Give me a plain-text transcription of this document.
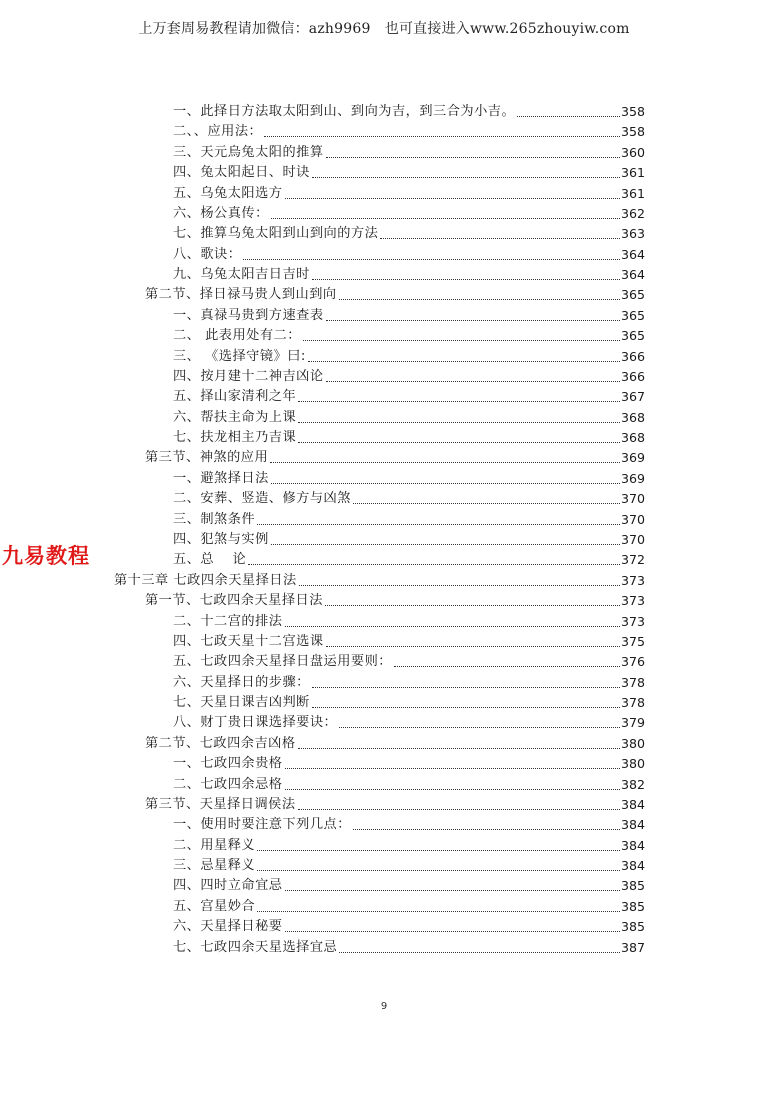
上万套周易教程请加微信：azh9969　也可直接进入www.265zhouyiw.com
九易教程
一、此择日方法取太阳到山、到向为吉，到三合为小吉。	358
二、、应用法：	358
三、天元烏兔太阳的推算	360
四、兔太阳起日、时诀	361
五、乌兔太阳选方	361
六、杨公真传：	362
七、推算乌兔太阳到山到向的方法	363
八、歌诀：	364
九、乌兔太阳吉日吉时	364
第二节、择日禄马贵人到山到向	365
一、真禄马贵到方速查表	365
二、 此表用处有二：	365
三、 《选择守镜》曰:	366
四、按月建十二神吉凶论	366
五、择山家清利之年	367
六、帮扶主命为上课	368
七、扶龙相主乃吉课	368
第三节、神煞的应用	369
一、避煞择日法	369
二、安葬、竖造、修方与凶煞	370
三、制煞条件	370
四、犯煞与实例	370
五、总　 论	372
第十三章 七政四余天星择日法	373
第一节、七政四余天星择日法	373
二、十二宫的排法	373
四、七政天星十二宫选课	375
五、七政四余天星择日盘运用要则：	376
六、天星择日的步骤：	378
七、天星日课吉凶判断	378
八、财丁贵日课选择要诀：	379
第二节、七政四余吉凶格	380
一、七政四余贵格	380
二、七政四余忌格	382
第三节、天星择日调侯法	384
一、使用时要注意下列几点：	384
二、用星释义	384
三、忌星释义	384
四、四时立命宜忌	385
五、宫星妙合	385
六、天星择日秘要	385
七、七政四余天星选择宜忌	387
9
